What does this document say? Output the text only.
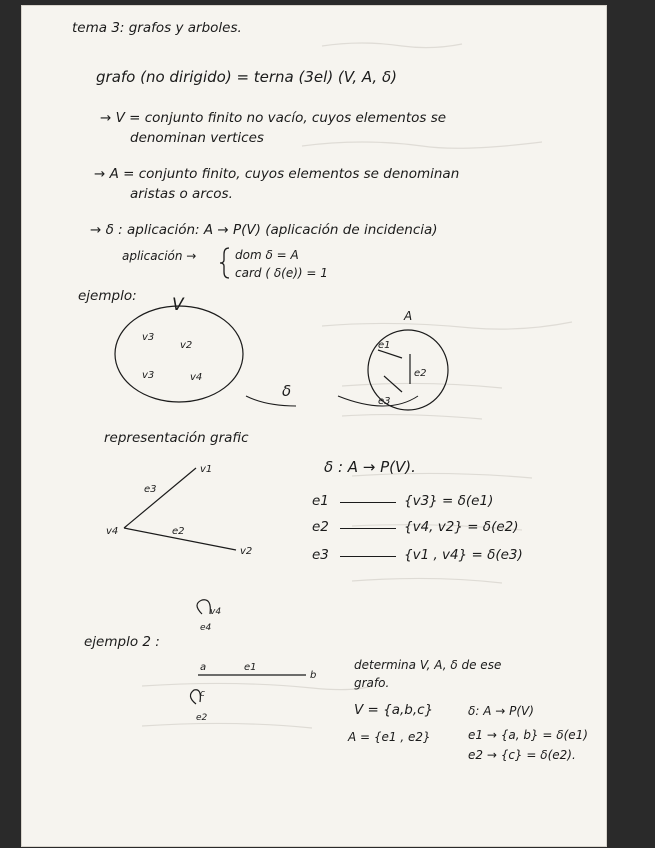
tema 3: grafos y arboles.
grafo (no dirigido) = terna (3el) (V, A, δ)
→ V = conjunto finito no vacío, cuyos elementos se
denominan vertices
→ A = conjunto finito, cuyos elementos se denominan
aristas o arcos.
→ δ : aplicación: A → P(V) (aplicación de incidencia)
aplicación →	dom δ = A
card ( δ(e)) = 1
ejemplo: V
v3
v2
v3	v4
A
e1
e2
e3
δ
representación grafic
δ : A → P(V).
v1
v4
v2
e3
e2
e1	{v3} = δ(e1)
e2	{v4, v2} = δ(e2)
e3	{v1 , v4} = δ(e3)
v4
e4
ejemplo 2 :
a	e1
b
c
e2
determina V, A, δ de ese
grafo.
V = {a,b,c}	δ: A → P(V)
A = {e1 , e2}	e1 → {a, b} = δ(e1)
e2 → {c} = δ(e2).
